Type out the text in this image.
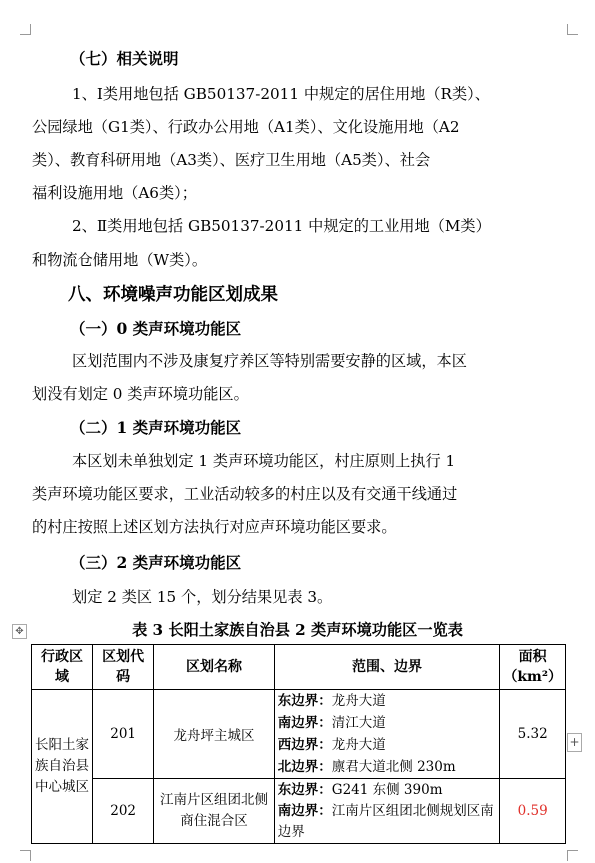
（七）相关说明
1、Ⅰ类用地包括 GB50137-2011 中规定的居住用地（R类）、
公园绿地（G1类）、行政办公用地（A1类）、文化设施用地（A2
类）、教育科研用地（A3类）、医疗卫生用地（A5类）、社会
福利设施用地（A6类）；
2、Ⅱ类用地包括 GB50137-2011 中规定的工业用地（M类）
和物流仓储用地（W类）。
八、环境噪声功能区划成果
（一）0 类声环境功能区
区划范围内不涉及康复疗养区等特别需要安静的区域，本区
划没有划定 0 类声环境功能区。
（二）1 类声环境功能区
本区划未单独划定 1 类声环境功能区，村庄原则上执行 1
类声环境功能区要求，工业活动较多的村庄以及有交通干线通过
的村庄按照上述区划方法执行对应声环境功能区要求。
（三）2 类声环境功能区
划定 2 类区 15 个，划分结果见表 3。
✥	表 3 长阳土家族自治县 2 类声环境功能区一览表
行政区域	区划代码	区划名称	范围、边界	面积
（km²）

长阳土家族自治县中心城区	201	龙舟坪主城区	东边界：龙舟大道
南边界：清江大道
西边界：龙舟大道
北边界：廪君大道北侧 230m	5.32
	202	江南片区组团北侧商住混合区	东边界：G241 东侧 390m
南边界：江南片区组团北侧规划区南边界	0.59
+
